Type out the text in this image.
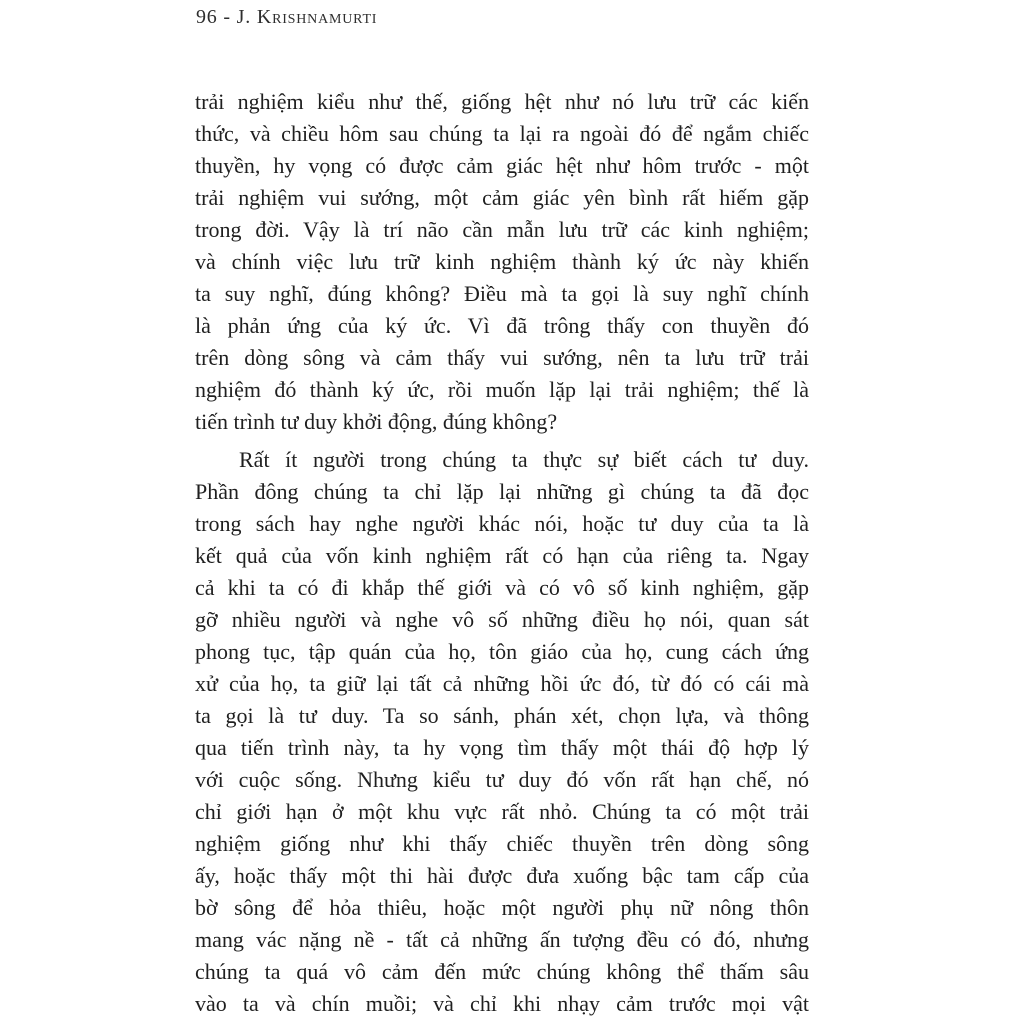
96 - J. Krishnamurti
trải nghiệm kiểu như thế, giống hệt như nó lưu trữ các kiến
thức, và chiều hôm sau chúng ta lại ra ngoài đó để ngắm chiếc
thuyền, hy vọng có được cảm giác hệt như hôm trước - một
trải nghiệm vui sướng, một cảm giác yên bình rất hiếm gặp
trong đời. Vậy là trí não cần mẫn lưu trữ các kinh nghiệm;
và chính việc lưu trữ kinh nghiệm thành ký ức này khiến
ta suy nghĩ, đúng không? Điều mà ta gọi là suy nghĩ chính
là phản ứng của ký ức. Vì đã trông thấy con thuyền đó
trên dòng sông và cảm thấy vui sướng, nên ta lưu trữ trải
nghiệm đó thành ký ức, rồi muốn lặp lại trải nghiệm; thế là
tiến trình tư duy khởi động, đúng không?
Rất ít người trong chúng ta thực sự biết cách tư duy.
Phần đông chúng ta chỉ lặp lại những gì chúng ta đã đọc
trong sách hay nghe người khác nói, hoặc tư duy của ta là
kết quả của vốn kinh nghiệm rất có hạn của riêng ta. Ngay
cả khi ta có đi khắp thế giới và có vô số kinh nghiệm, gặp
gỡ nhiều người và nghe vô số những điều họ nói, quan sát
phong tục, tập quán của họ, tôn giáo của họ, cung cách ứng
xử của họ, ta giữ lại tất cả những hồi ức đó, từ đó có cái mà
ta gọi là tư duy. Ta so sánh, phán xét, chọn lựa, và thông
qua tiến trình này, ta hy vọng tìm thấy một thái độ hợp lý
với cuộc sống. Nhưng kiểu tư duy đó vốn rất hạn chế, nó
chỉ giới hạn ở một khu vực rất nhỏ. Chúng ta có một trải
nghiệm giống như khi thấy chiếc thuyền trên dòng sông
ấy, hoặc thấy một thi hài được đưa xuống bậc tam cấp của
bờ sông để hỏa thiêu, hoặc một người phụ nữ nông thôn
mang vác nặng nề - tất cả những ấn tượng đều có đó, nhưng
chúng ta quá vô cảm đến mức chúng không thể thấm sâu
vào ta và chín muồi; và chỉ khi nhạy cảm trước mọi vật
